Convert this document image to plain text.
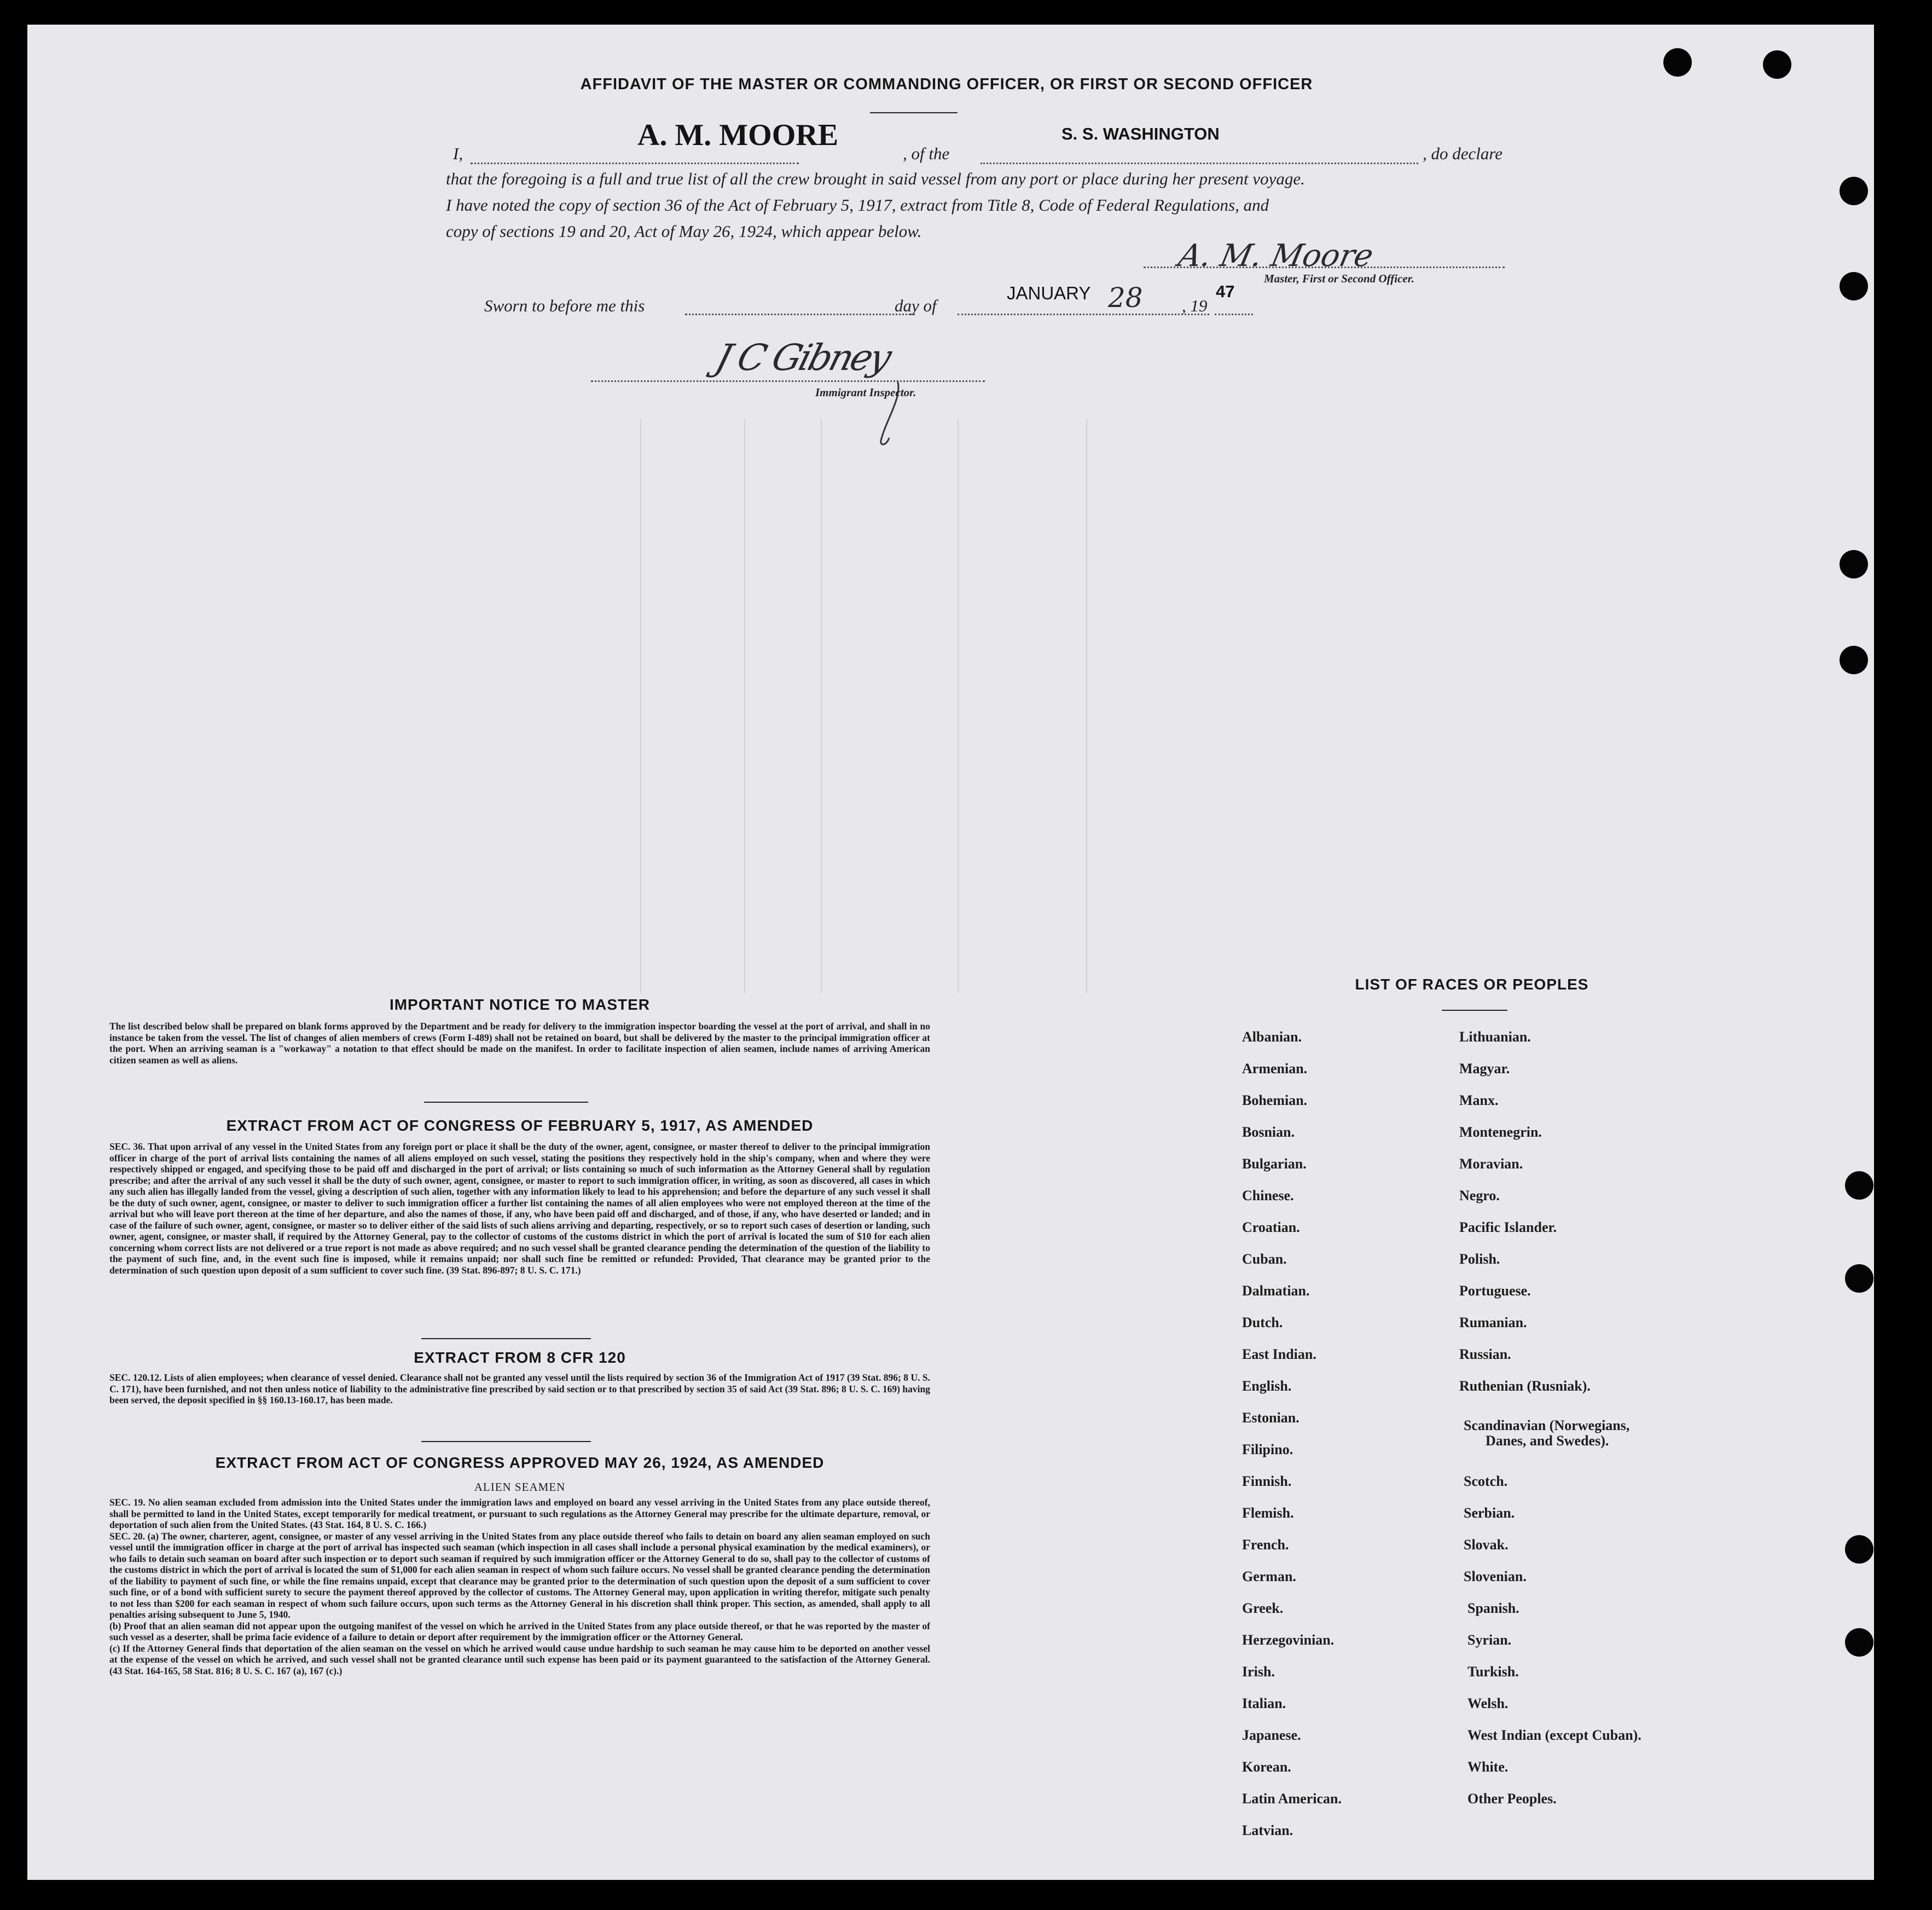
AFFIDAVIT OF THE MASTER OR COMMANDING OFFICER, OR FIRST OR SECOND OFFICER
I,
A. M. MOORE
, of the
S. S. WASHINGTON
, do declare
that the foregoing is a full and true list of all the crew brought in said vessel from any port or place during her present voyage.
I have noted the copy of section 36 of the Act of February 5, 1917, extract from Title 8, Code of Federal Regulations, and
copy of sections 19 and 20, Act of May 26, 1924, which appear below.
A. M. Moore
Master, First or Second Officer.
Sworn to before me this	day of
JANUARY 28 , 19
47
J C Gibney
Immigrant Inspector.
IMPORTANT NOTICE TO MASTER

The list described below shall be prepared on blank forms approved by the Department and be ready for delivery to the immigration inspector boarding the vessel at the port of arrival, and shall in no instance be taken from the vessel. The list of changes of alien members of crews (Form I-489) shall not be retained on board, but shall be delivered by the master to the principal immigration officer at the port. When an arriving seaman is a "workaway" a notation to that effect should be made on the manifest. In order to facilitate inspection of alien seamen, include names of arriving American citizen seamen as well as aliens.

EXTRACT FROM ACT OF CONGRESS OF FEBRUARY 5, 1917, AS AMENDED

SEC. 36. That upon arrival of any vessel in the United States from any foreign port or place it shall be the duty of the owner, agent, consignee, or master thereof to deliver to the principal immigration officer in charge of the port of arrival lists containing the names of all aliens employed on such vessel, stating the positions they respectively hold in the ship's company, when and where they were respectively shipped or engaged, and specifying those to be paid off and discharged in the port of arrival; or lists containing so much of such information as the Attorney General shall by regulation prescribe; and after the arrival of any such vessel it shall be the duty of such owner, agent, consignee, or master to report to such immigration officer, in writing, as soon as discovered, all cases in which any such alien has illegally landed from the vessel, giving a description of such alien, together with any information likely to lead to his apprehension; and before the departure of any such vessel it shall be the duty of such owner, agent, consignee, or master to deliver to such immigration officer a further list containing the names of all alien employees who were not employed thereon at the time of the arrival but who will leave port thereon at the time of her departure, and also the names of those, if any, who have been paid off and discharged, and of those, if any, who have deserted or landed; and in case of the failure of such owner, agent, consignee, or master so to deliver either of the said lists of such aliens arriving and departing, respectively, or so to report such cases of desertion or landing, such owner, agent, consignee, or master shall, if required by the Attorney General, pay to the collector of customs of the customs district in which the port of arrival is located the sum of $10 for each alien concerning whom correct lists are not delivered or a true report is not made as above required; and no such vessel shall be granted clearance pending the determination of the question of the liability to the payment of such fine, and, in the event such fine is imposed, while it remains unpaid; nor shall such fine be remitted or refunded: Provided, That clearance may be granted prior to the determination of such question upon deposit of a sum sufficient to cover such fine. (39 Stat. 896-897; 8 U. S. C. 171.)

EXTRACT FROM 8 CFR 120

SEC. 120.12. Lists of alien employees; when clearance of vessel denied. Clearance shall not be granted any vessel until the lists required by section 36 of the Immigration Act of 1917 (39 Stat. 896; 8 U. S. C. 171), have been furnished, and not then unless notice of liability to the administrative fine prescribed by said section or to that prescribed by section 35 of said Act (39 Stat. 896; 8 U. S. C. 169) having been served, the deposit specified in §§ 160.13-160.17, has been made.

EXTRACT FROM ACT OF CONGRESS APPROVED MAY 26, 1924, AS AMENDED
ALIEN SEAMEN

SEC. 19. No alien seaman excluded from admission into the United States under the immigration laws and employed on board any vessel arriving in the United States from any place outside thereof, shall be permitted to land in the United States, except temporarily for medical treatment, or pursuant to such regulations as the Attorney General may prescribe for the ultimate departure, removal, or deportation of such alien from the United States. (43 Stat. 164, 8 U. S. C. 166.)

SEC. 20. (a) The owner, charterer, agent, consignee, or master of any vessel arriving in the United States from any place outside thereof who fails to detain on board any alien seaman employed on such vessel until the immigration officer in charge at the port of arrival has inspected such seaman (which inspection in all cases shall include a personal physical examination by the medical examiners), or who fails to detain such seaman on board after such inspection or to deport such seaman if required by such immigration officer or the Attorney General to do so, shall pay to the collector of customs of the customs district in which the port of arrival is located the sum of $1,000 for each alien seaman in respect of whom such failure occurs. No vessel shall be granted clearance pending the determination of the liability to payment of such fine, or while the fine remains unpaid, except that clearance may be granted prior to the determination of such question upon the deposit of a sum sufficient to cover such fine, or of a bond with sufficient surety to secure the payment thereof approved by the collector of customs. The Attorney General may, upon application in writing therefor, mitigate such penalty to not less than $200 for each seaman in respect of whom such failure occurs, upon such terms as the Attorney General in his discretion shall think proper. This section, as amended, shall apply to all penalties arising subsequent to June 5, 1940.

(b) Proof that an alien seaman did not appear upon the outgoing manifest of the vessel on which he arrived in the United States from any place outside thereof, or that he was reported by the master of such vessel as a deserter, shall be prima facie evidence of a failure to detain or deport after requirement by the immigration officer or the Attorney General.

(c) If the Attorney General finds that deportation of the alien seaman on the vessel on which he arrived would cause undue hardship to such seaman he may cause him to be deported on another vessel at the expense of the vessel on which he arrived, and such vessel shall not be granted clearance until such expense has been paid or its payment guaranteed to the satisfaction of the Attorney General. (43 Stat. 164-165, 58 Stat. 816; 8 U. S. C. 167 (a), 167 (c).)

LIST OF RACES OR PEOPLES
Albanian.
Armenian.
Bohemian.
Bosnian.
Bulgarian.
Chinese.
Croatian.
Cuban.
Dalmatian.
Dutch.
East Indian.
English.
Estonian.
Filipino.
Finnish.
Flemish.
French.
German.
Greek.
Herzegovinian.
Irish.
Italian.
Japanese.
Korean.
Latin American.
Latvian.
Lithuanian.
Magyar.
Manx.
Montenegrin.
Moravian.
Negro.
Pacific Islander.
Polish.
Portuguese.
Rumanian.
Russian.
Ruthenian (Rusniak).
Scandinavian (Norwegians,
Danes, and Swedes).
Scotch.
Serbian.
Slovak.
Slovenian.
Spanish.
Syrian.
Turkish.
Welsh.
West Indian (except Cuban).
White.
Other Peoples.
